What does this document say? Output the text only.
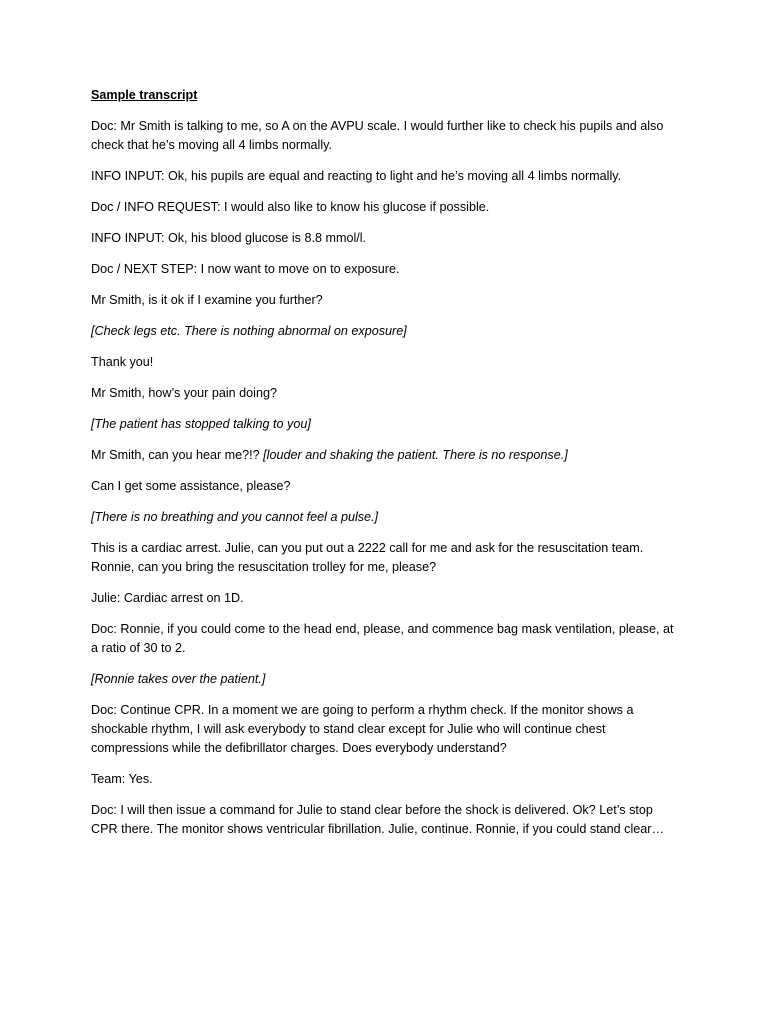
Sample transcript

Doc: Mr Smith is talking to me, so A on the AVPU scale. I would further like to check his pupils and also check that he’s moving all 4 limbs normally.

INFO INPUT: Ok, his pupils are equal and reacting to light and he’s moving all 4 limbs normally.

Doc / INFO REQUEST: I would also like to know his glucose if possible.

INFO INPUT: Ok, his blood glucose is 8.8 mmol/l.

Doc / NEXT STEP: I now want to move on to exposure.

Mr Smith, is it ok if I examine you further?

[Check legs etc. There is nothing abnormal on exposure]

Thank you!

Mr Smith, how’s your pain doing?

[The patient has stopped talking to you]

Mr Smith, can you hear me?!? [louder and shaking the patient. There is no response.]

Can I get some assistance, please?

[There is no breathing and you cannot feel a pulse.]

This is a cardiac arrest. Julie, can you put out a 2222 call for me and ask for the resuscitation team. Ronnie, can you bring the resuscitation trolley for me, please?

Julie: Cardiac arrest on 1D.

Doc: Ronnie, if you could come to the head end, please, and commence bag mask ventilation, please, at a ratio of 30 to 2.

[Ronnie takes over the patient.]

Doc: Continue CPR. In a moment we are going to perform a rhythm check. If the monitor shows a shockable rhythm, I will ask everybody to stand clear except for Julie who will continue chest compressions while the defibrillator charges. Does everybody understand?

Team: Yes.

Doc: I will then issue a command for Julie to stand clear before the shock is delivered. Ok? Let’s stop CPR there. The monitor shows ventricular fibrillation. Julie, continue. Ronnie, if you could stand clear…
